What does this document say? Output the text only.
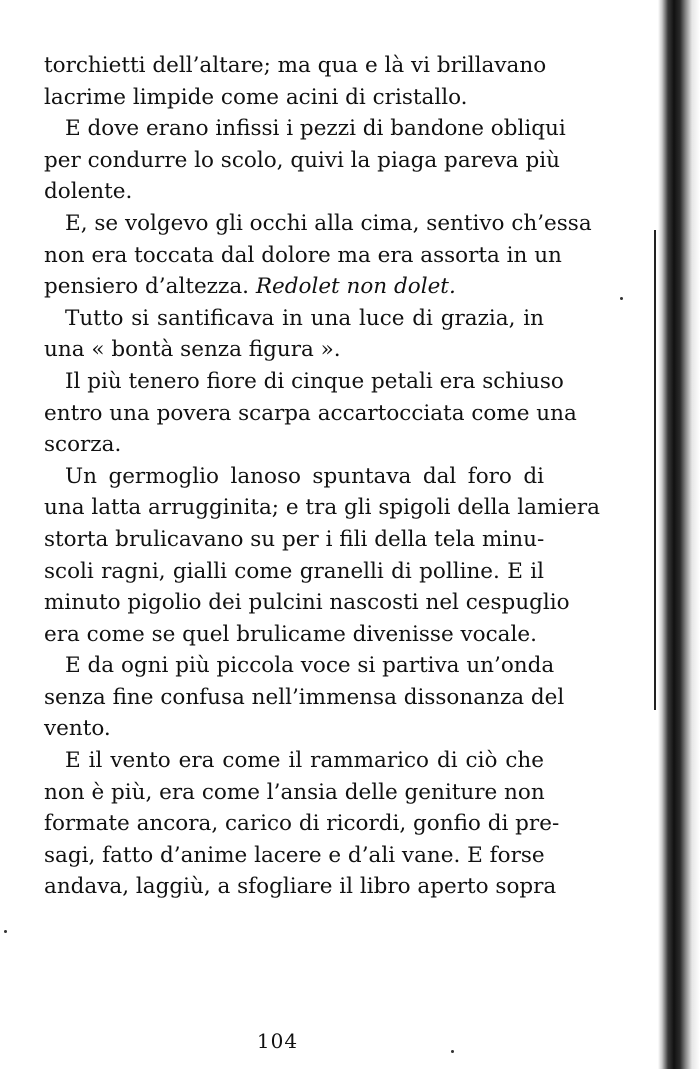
torchietti dell’altare; ma qua e là vi brillavano
lacrime limpide come acini di cristallo.

E dove erano infissi i pezzi di bandone obliqui
per condurre lo scolo, quivi la piaga pareva più
dolente.

E, se volgevo gli occhi alla cima, sentivo ch’essa
non era toccata dal dolore ma era assorta in un
pensiero d’altezza. Redolet non dolet.

Tutto si santificava in una luce di grazia, in
una « bontà senza figura ».

Il più tenero fiore di cinque petali era schiuso
entro una povera scarpa accartocciata come una
scorza.

Un germoglio lanoso spuntava dal foro di
una latta arrugginita; e tra gli spigoli della lamiera
storta brulicavano su per i fili della tela minu-
scoli ragni, gialli come granelli di polline. E il
minuto pigolio dei pulcini nascosti nel cespuglio
era come se quel brulicame divenisse vocale.

E da ogni più piccola voce si partiva un’onda
senza fine confusa nell’immensa dissonanza del
vento.

E il vento era come il rammarico di ciò che
non è più, era come l’ansia delle geniture non
formate ancora, carico di ricordi, gonfio di pre-
sagi, fatto d’anime lacere e d’ali vane. E forse
andava, laggiù, a sfogliare il libro aperto sopra

104
